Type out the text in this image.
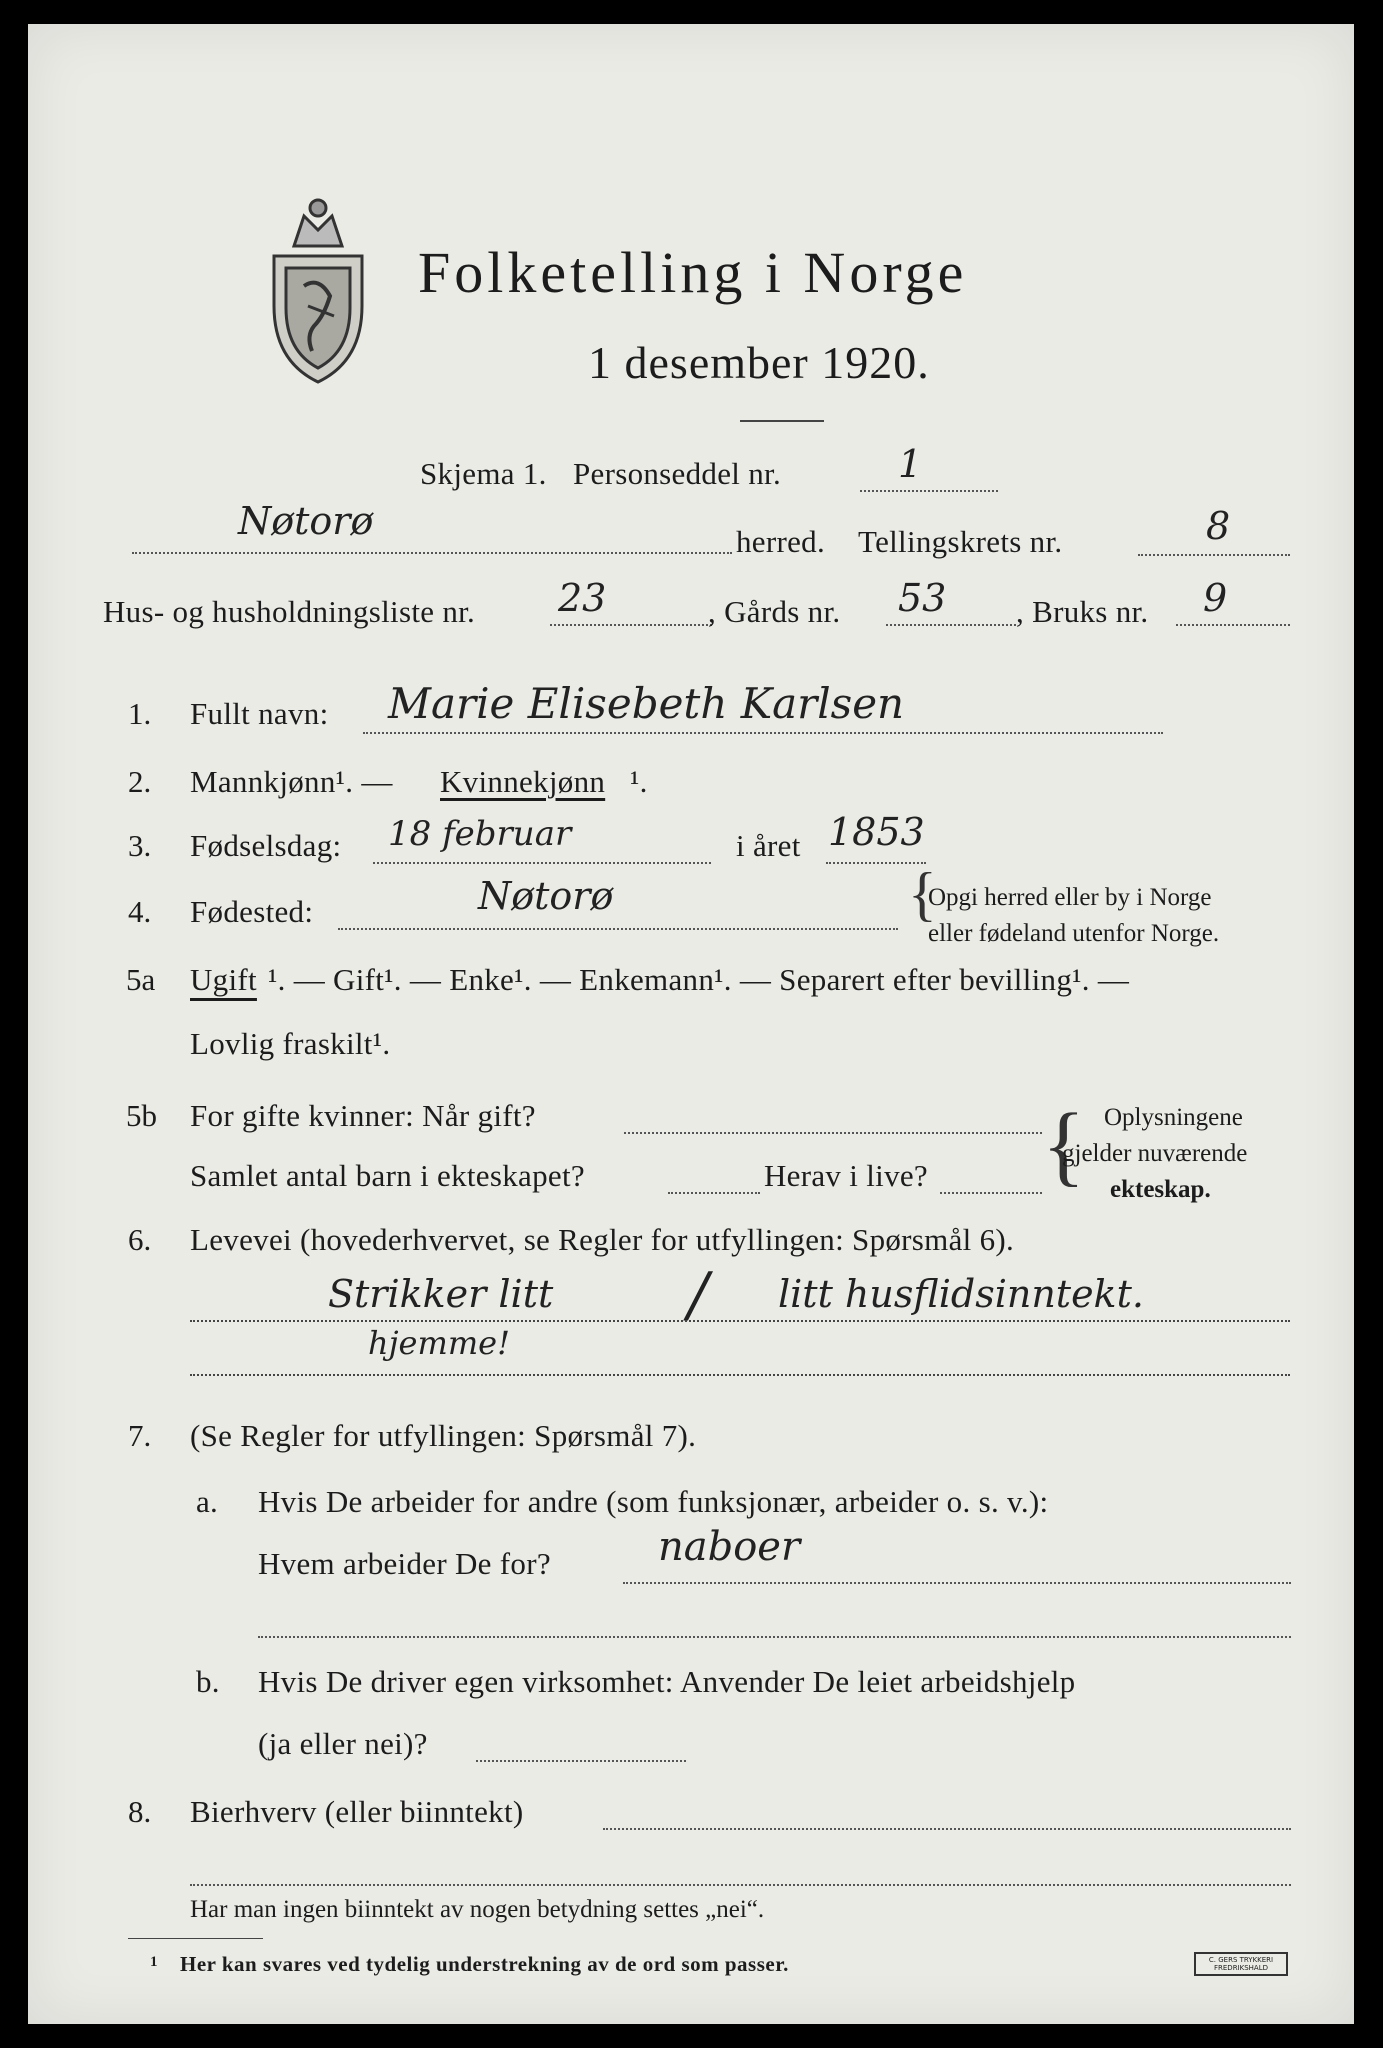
Folketelling i Norge
1 desember 1920.
Skjema 1. Personseddel nr.	1
Nøtorø	herred. Tellingskrets nr.	8
Hus- og husholdningsliste nr. 23	, Gårds nr. 53 , Bruks nr. 9
1. Fullt navn: Marie Elisebeth Karlsen
2. Mannkjønn¹. — Kvinnekjønn ¹.
3. Fødselsdag: 18 februar	i året 1853
4. Fødested:	Nøtorø	{
Opgi herred eller by i Norge
eller fødeland utenfor Norge.
5a Ugift ¹. — Gift¹. — Enke¹. — Enkemann¹. — Separert efter bevilling¹. —
Lovlig fraskilt¹.
5b For gifte kvinner: Når gift?
Samlet antal barn i ekteskapet?	Herav i live? { Oplysningene
gjelder nuværende
ekteskap.
6. Levevei (hovederhvervet, se Regler for utfyllingen: Spørsmål 6).
Strikker litt / litt husflidsinntekt.
hjemme!
7. (Se Regler for utfyllingen: Spørsmål 7).
a. Hvis De arbeider for andre (som funksjonær, arbeider o. s. v.):
Hvem arbeider De for?	naboer
b. Hvis De driver egen virksomhet: Anvender De leiet arbeidshjelp
(ja eller nei)?
8. Bierhverv (eller biinntekt)
Har man ingen biinntekt av nogen betydning settes „nei“.
1 Her kan svares ved tydelig understrekning av de ord som passer.	C. GERS TRYKKERI FREDRIKSHALD
